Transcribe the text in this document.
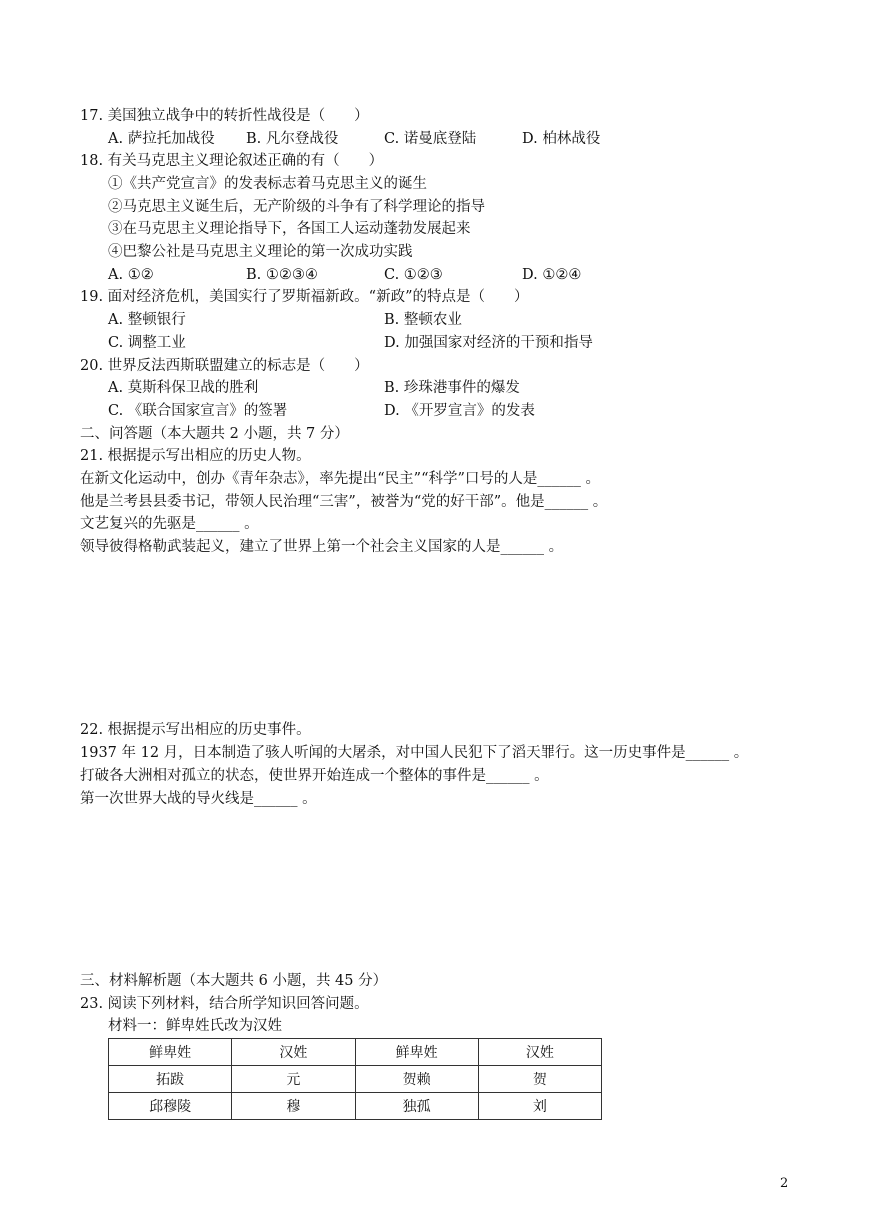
17. 美国独立战争中的转折性战役是（　　）
A. 萨拉托加战役 B. 凡尔登战役	C. 诺曼底登陆	D. 柏林战役
18. 有关马克思主义理论叙述正确的有（　　）
①《共产党宣言》的发表标志着马克思主义的诞生
②马克思主义诞生后，无产阶级的斗争有了科学理论的指导
③在马克思主义理论指导下，各国工人运动蓬勃发展起来
④巴黎公社是马克思主义理论的第一次成功实践
A. ①②	B. ①②③④	C. ①②③	D. ①②④
19. 面对经济危机，美国实行了罗斯福新政。“新政”的特点是（　　）
A. 整顿银行	B. 整顿农业
C. 调整工业	D. 加强国家对经济的干预和指导
20. 世界反法西斯联盟建立的标志是（　　）
A. 莫斯科保卫战的胜利	B. 珍珠港事件的爆发
C. 《联合国家宣言》的签署	D. 《开罗宣言》的发表
二、问答题（本大题共 2 小题，共 7 分）
21. 根据提示写出相应的历史人物。
在新文化运动中，创办《青年杂志》，率先提出“民主”“科学”口号的人是______ 。
他是兰考县县委书记，带领人民治理“三害”，被誉为“党的好干部”。他是______ 。
文艺复兴的先驱是______ 。
领导彼得格勒武装起义，建立了世界上第一个社会主义国家的人是______ 。
22. 根据提示写出相应的历史事件。
1937 年 12 月，日本制造了骇人听闻的大屠杀，对中国人民犯下了滔天罪行。这一历史事件是______ 。
打破各大洲相对孤立的状态，使世界开始连成一个整体的事件是______ 。
第一次世界大战的导火线是______ 。
三、材料解析题（本大题共 6 小题，共 45 分）
23. 阅读下列材料，结合所学知识回答问题。
材料一：鲜卑姓氏改为汉姓
鲜卑姓	汉姓	鲜卑姓	汉姓
拓跋	元	贺赖	贺
邱穆陵	穆	独孤	刘
2
